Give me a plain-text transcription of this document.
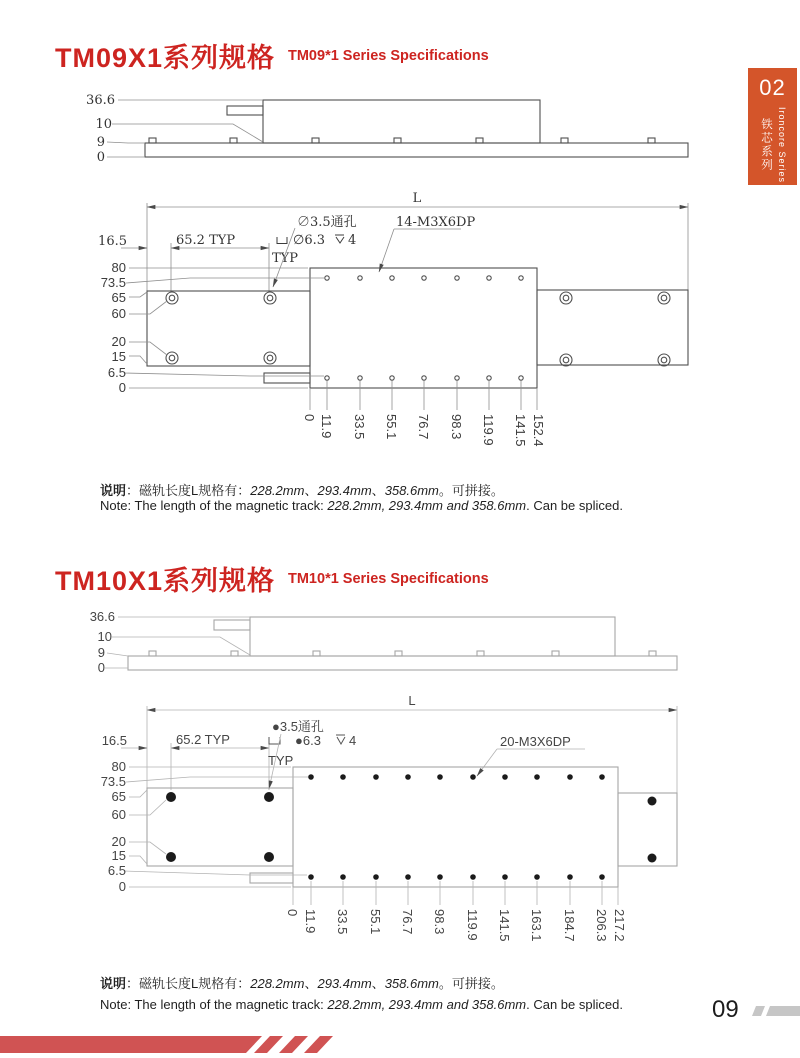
TM09X1系列规格 TM09*1 Series Specifications
TM10X1系列规格 TM10*1 Series Specifications
36.6
10
9
0
L
16.5	65.2 TYP
∅3.5通孔
∅6.3 4
TYP
14-M3X6DP
80
73.5
65
60
20
15
6.5
0
0 11.9 33.5 55.1 76.7 98.3 119.9 141.5 152.4
36.6
10
9
0
L
16.5	65.2 TYP
●3.5通孔
●6.3 4
TYP
20-M3X6DP
80
73.5
65
60
20
15
6.5
0
0 11.9 33.5 55.1 76.7 98.3 119.9 141.5 163.1 184.7 206.3 217.2
说明：磁轨长度L规格有：228.2mm、293.4mm、358.6mm。可拼接。
Note: The length of the magnetic track: 228.2mm, 293.4mm and 358.6mm. Can be spliced.
说明：磁轨长度L规格有：228.2mm、293.4mm、358.6mm。可拼接。
Note: The length of the magnetic track: 228.2mm, 293.4mm and 358.6mm. Can be spliced.
02
铁芯系列 Ironcore Series
09
